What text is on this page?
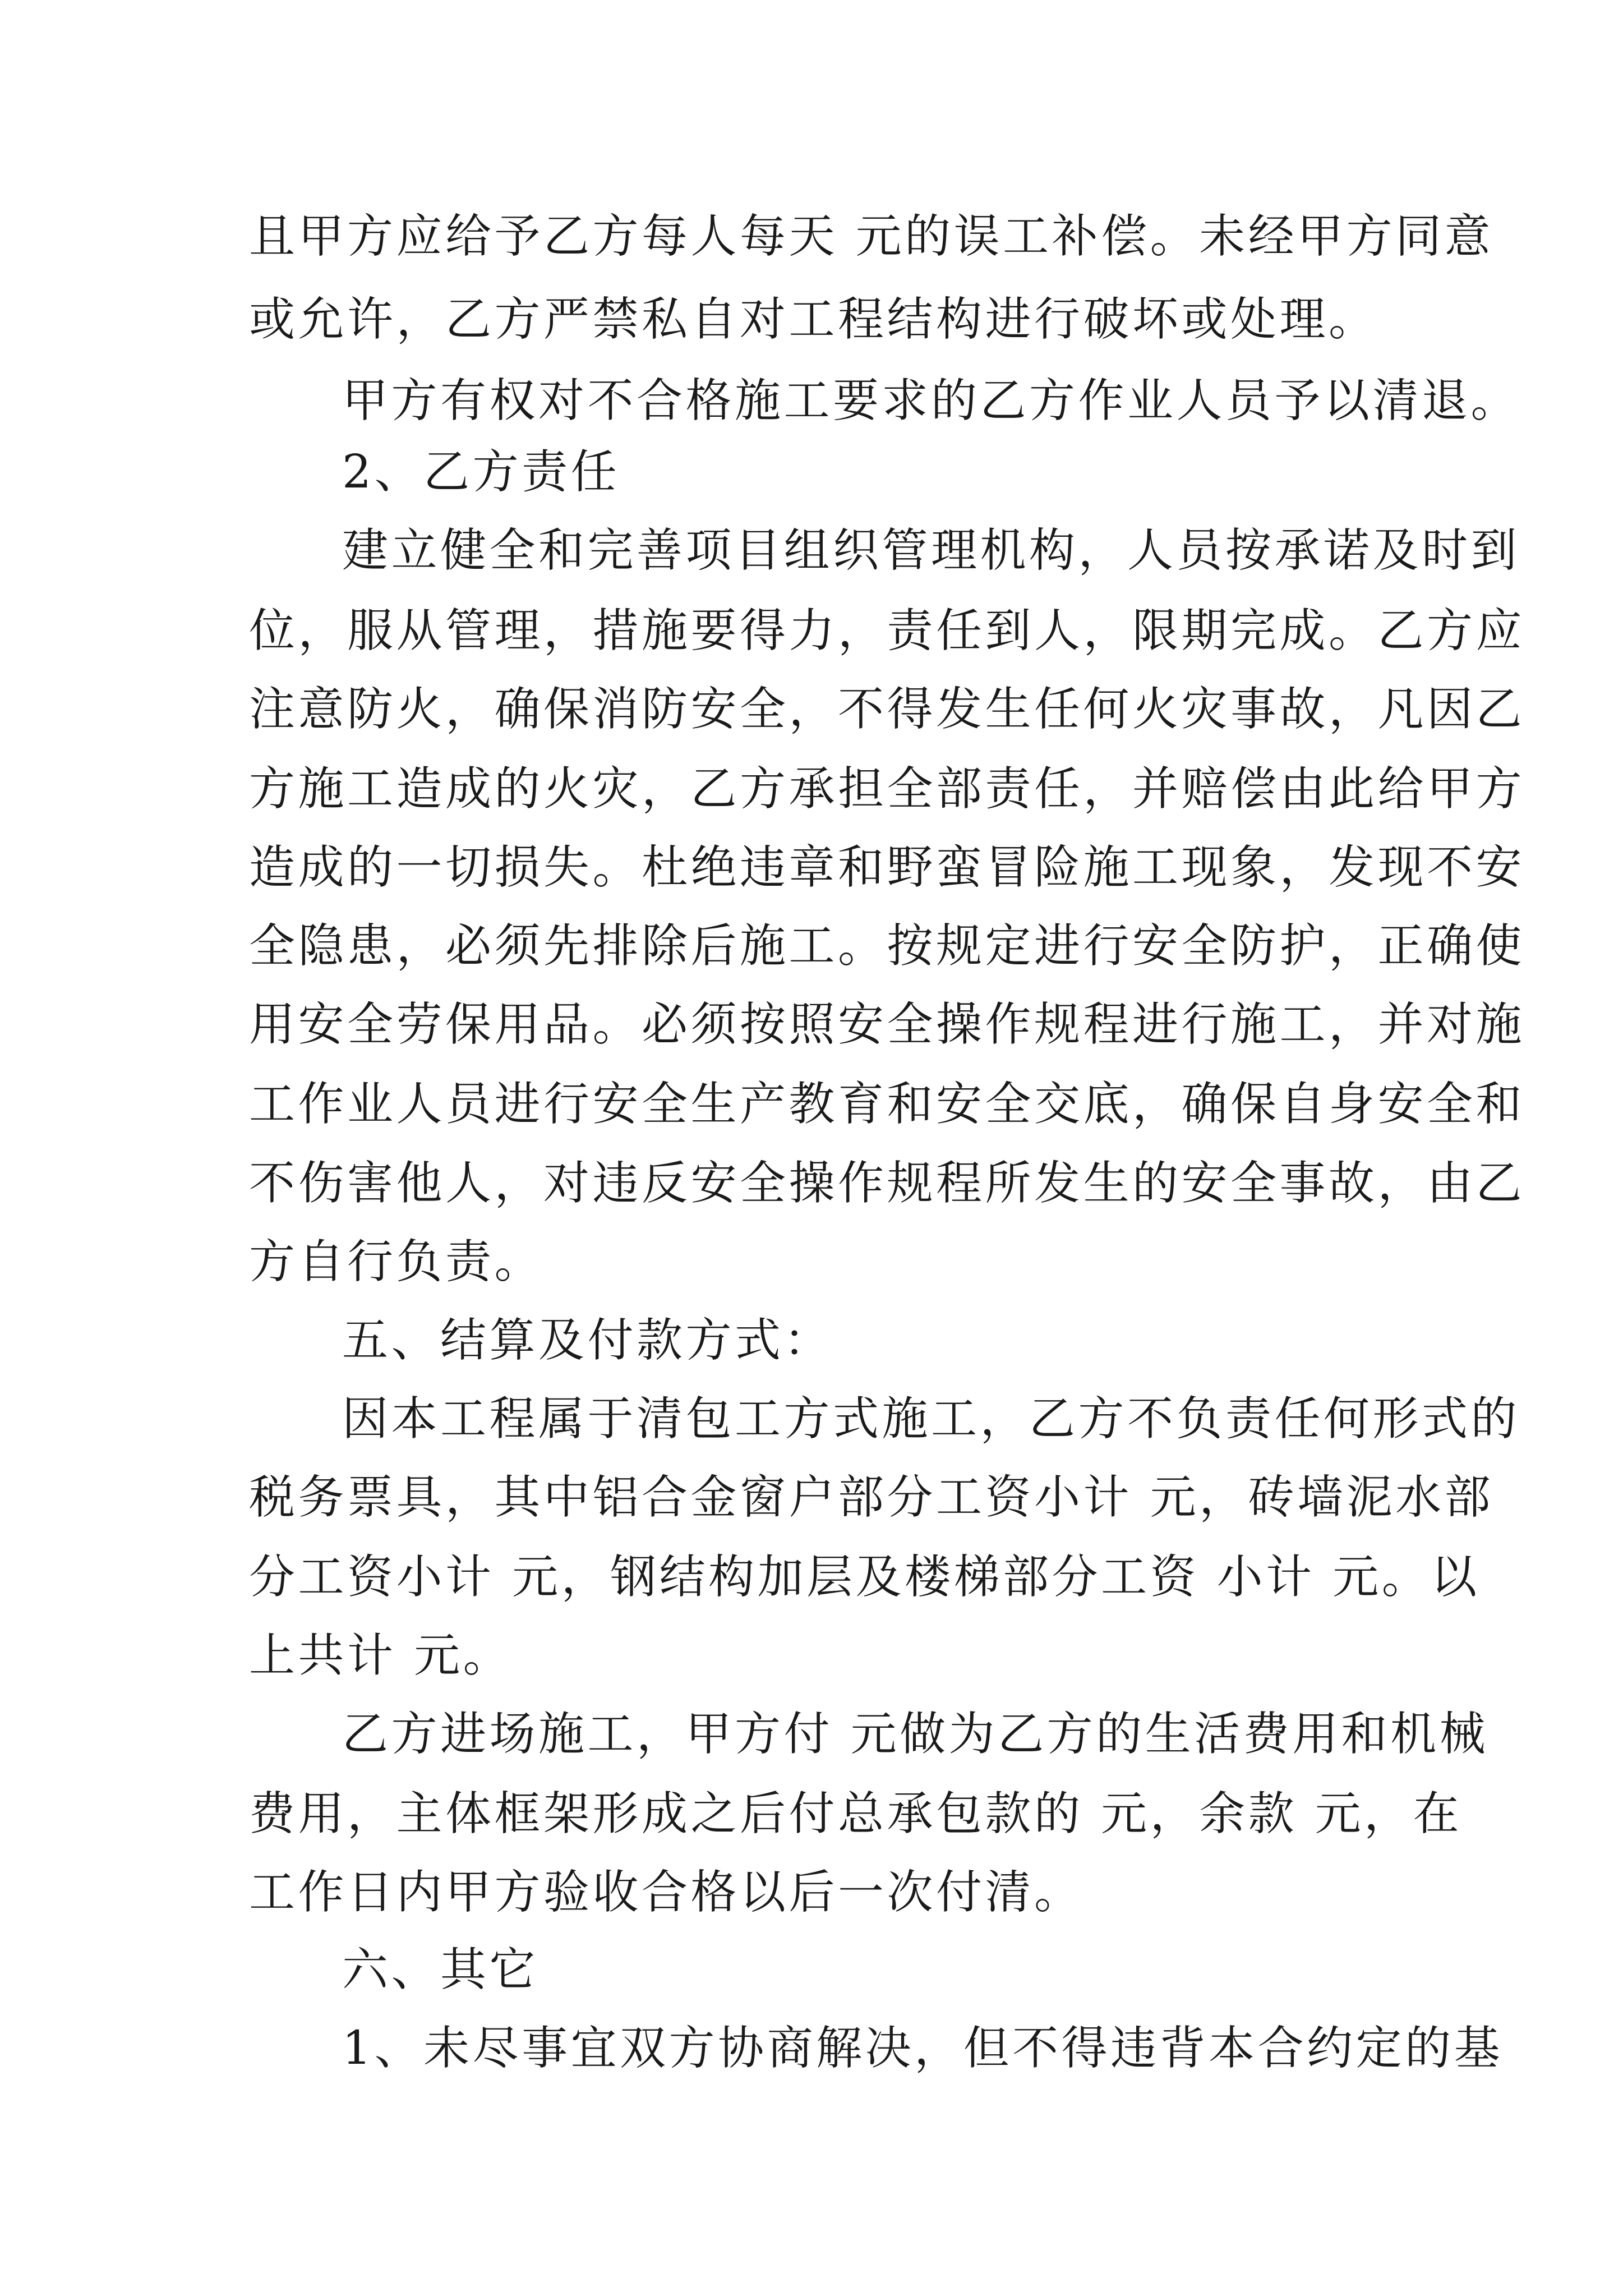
且甲方应给予乙方每人每天 元的误工补偿。未经甲方同意
或允许，乙方严禁私自对工程结构进行破坏或处理。
甲方有权对不合格施工要求的乙方作业人员予以清退。
2、乙方责任
建立健全和完善项目组织管理机构，人员按承诺及时到
位，服从管理，措施要得力，责任到人，限期完成。乙方应
注意防火，确保消防安全，不得发生任何火灾事故，凡因乙
方施工造成的火灾，乙方承担全部责任，并赔偿由此给甲方
造成的一切损失。杜绝违章和野蛮冒险施工现象，发现不安
全隐患，必须先排除后施工。按规定进行安全防护，正确使
用安全劳保用品。必须按照安全操作规程进行施工，并对施
工作业人员进行安全生产教育和安全交底，确保自身安全和
不伤害他人，对违反安全操作规程所发生的安全事故，由乙
方自行负责。
五、结算及付款方式：
因本工程属于清包工方式施工，乙方不负责任何形式的
税务票具，其中铝合金窗户部分工资小计 元，砖墙泥水部
分工资小计 元，钢结构加层及楼梯部分工资 小计 元。以
上共计 元。
乙方进场施工，甲方付 元做为乙方的生活费用和机械
费用，主体框架形成之后付总承包款的 元，余款 元，在
工作日内甲方验收合格以后一次付清。
六、其它
1、未尽事宜双方协商解决，但不得违背本合约定的基
